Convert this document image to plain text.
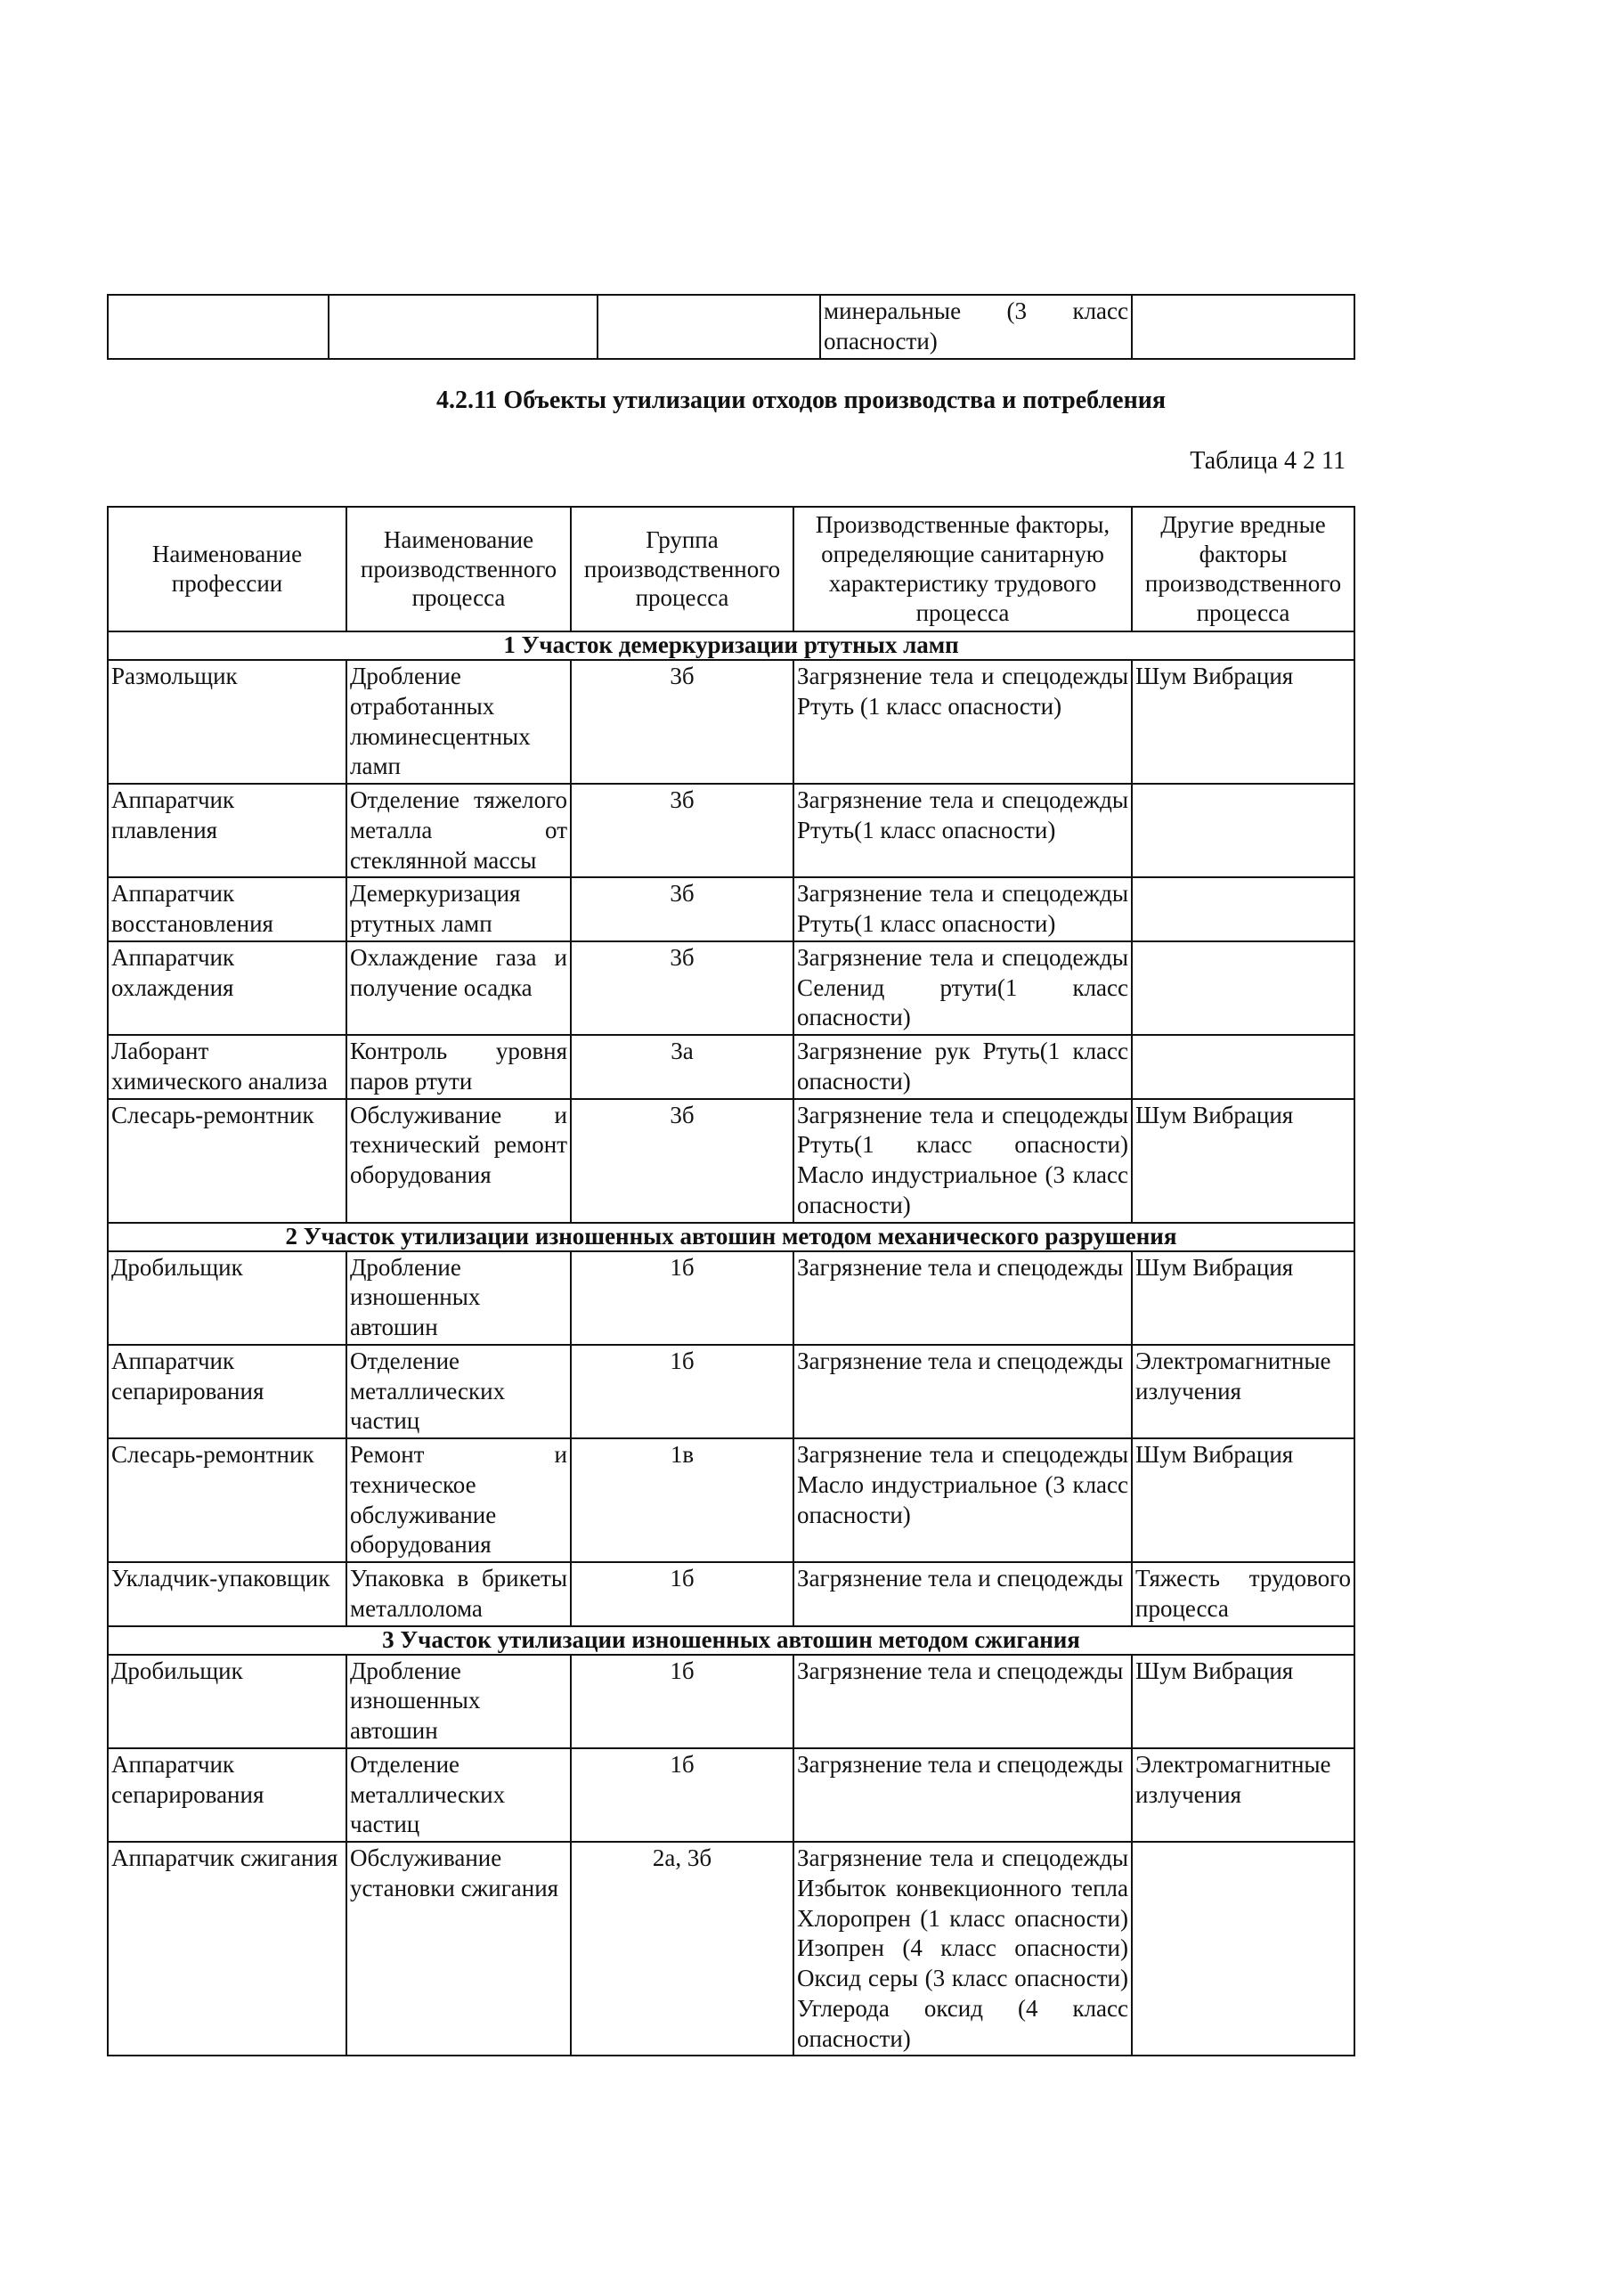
			минеральные (3 класс опасности)	
4.2.11 Объекты утилизации отходов производства и потребления
Таблица 4 2 11
Наименование профессии	Наименование производственного процесса	Группа производственного процесса	Производственные факторы, определяющие санитарную характеристику трудового процесса	Другие вредные факторы производственного процесса
1 Участок демеркуризации ртутных ламп				
Размольщик	Дробление отработанных люминесцентных ламп	3б	Загрязнение тела и спецодежды Ртуть (1 класс опасности)	Шум Вибрация
Аппаратчик плавления	Отделение тяжелого металла от стеклянной массы	3б	Загрязнение тела и спецодежды Ртуть(1 класс опасности)	
Аппаратчик восстановления	Демеркуризация ртутных ламп	3б	Загрязнение тела и спецодежды Ртуть(1 класс опасности)	
Аппаратчик охлаждения	Охлаждение газа и получение осадка	3б	Загрязнение тела и спецодежды Селенид ртути(1 класс опасности)	
Лаборант химического анализа	Контроль уровня паров ртути	3а	Загрязнение рук Ртуть(1 класс опасности)	
Слесарь-ремонтник	Обслуживание и технический ремонт оборудования	3б	Загрязнение тела и спецодежды Ртуть(1 класс опасности) Масло индустриальное (3 класс опасности)	Шум Вибрация
2 Участок утилизации изношенных автошин методом механического разрушения				
Дробильщик	Дробление изношенных автошин	1б	Загрязнение тела и спецодежды	Шум Вибрация
Аппаратчик сепарирования	Отделение металлических частиц	1б	Загрязнение тела и спецодежды	Электромагнитные излучения
Слесарь-ремонтник	Ремонт и техническое обслуживание оборудования	1в	Загрязнение тела и спецодежды Масло индустриальное (3 класс опасности)	Шум Вибрация
Укладчик-упаковщик	Упаковка в брикеты металлолома	1б	Загрязнение тела и спецодежды	Тяжесть трудового процесса
3 Участок утилизации изношенных автошин методом сжигания				
Дробильщик	Дробление изношенных автошин	1б	Загрязнение тела и спецодежды	Шум Вибрация
Аппаратчик сепарирования	Отделение металлических частиц	1б	Загрязнение тела и спецодежды	Электромагнитные излучения
Аппаратчик сжигания	Обслуживание установки сжигания	2а, 3б	Загрязнение тела и спецодежды Избыток конвекционного тепла Хлоропрен (1 класс опасности) Изопрен (4 класс опасности) Оксид серы (3 класс опасности) Углерода оксид (4 класс опасности)	
